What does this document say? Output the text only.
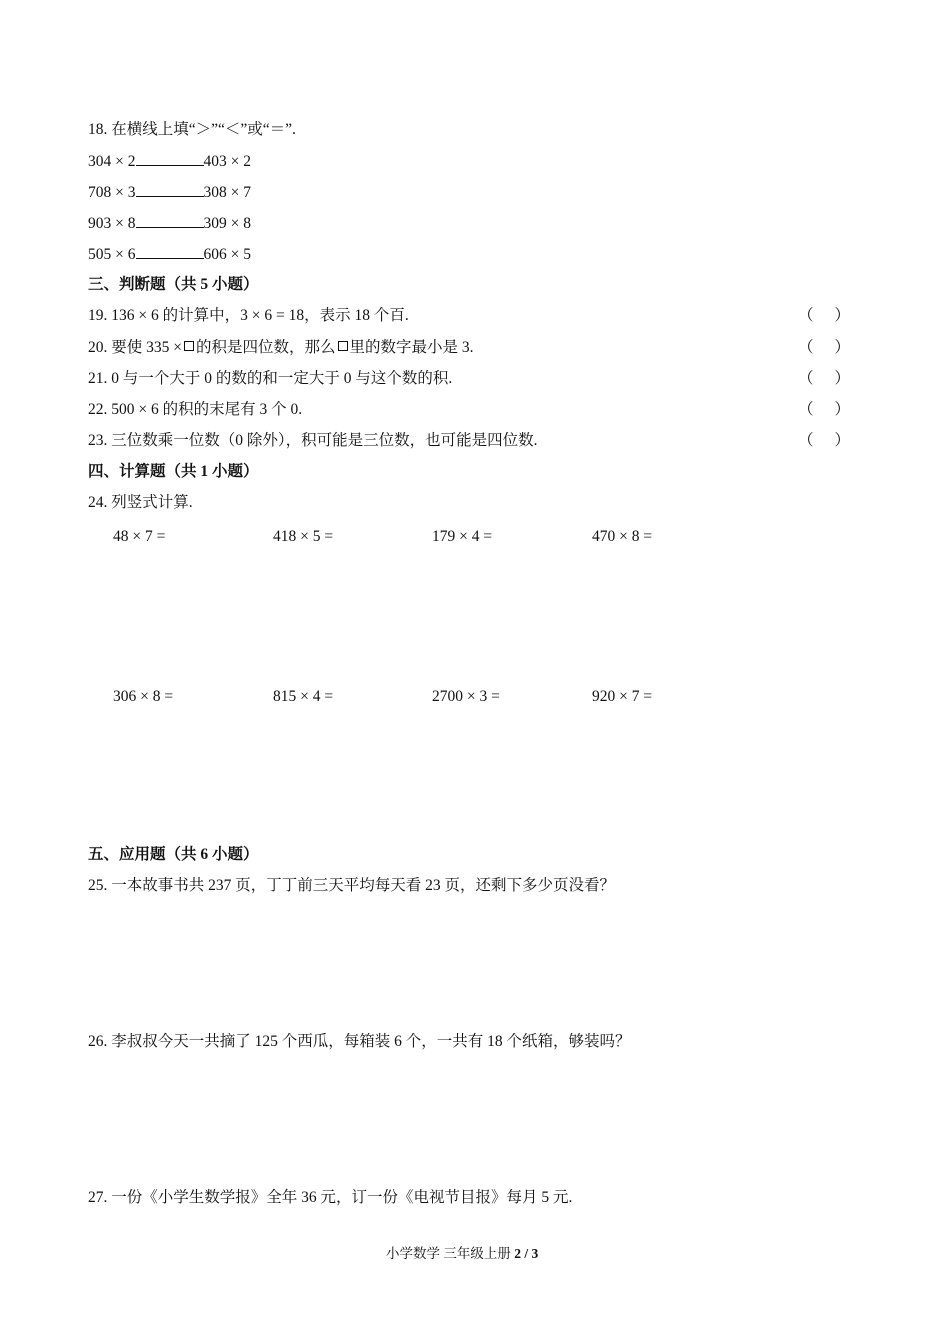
18. 在横线上填“＞”“＜”或“＝”.
304 × 2	403 × 2
708 × 3	308 × 7
903 × 8	309 × 8
505 × 6	606 × 5
三、判断题（共 5 小题）
19. 136 × 6 的计算中，3 × 6 = 18，表示 18 个百.	（ ）
20. 要使 335 × 的积是四位数，那么 里的数字最小是 3.	（ ）
21. 0 与一个大于 0 的数的和一定大于 0 与这个数的积.	（ ）
22. 500 × 6 的积的末尾有 3 个 0.	（ ）
23. 三位数乘一位数（0 除外），积可能是三位数，也可能是四位数.	（ ）
四、计算题（共 1 小题）
24. 列竖式计算.
48 × 7 =	418 × 5 =	179 × 4 =	470 × 8 =
306 × 8 =	815 × 4 =	2700 × 3 =	920 × 7 =
五、应用题（共 6 小题）
25. 一本故事书共 237 页，丁丁前三天平均每天看 23 页，还剩下多少页没看？
26. 李叔叔今天一共摘了 125 个西瓜，每箱装 6 个，一共有 18 个纸箱，够装吗？
27. 一份《小学生数学报》全年 36 元，订一份《电视节目报》每月 5 元.
小学数学 三年级上册 2 / 3
